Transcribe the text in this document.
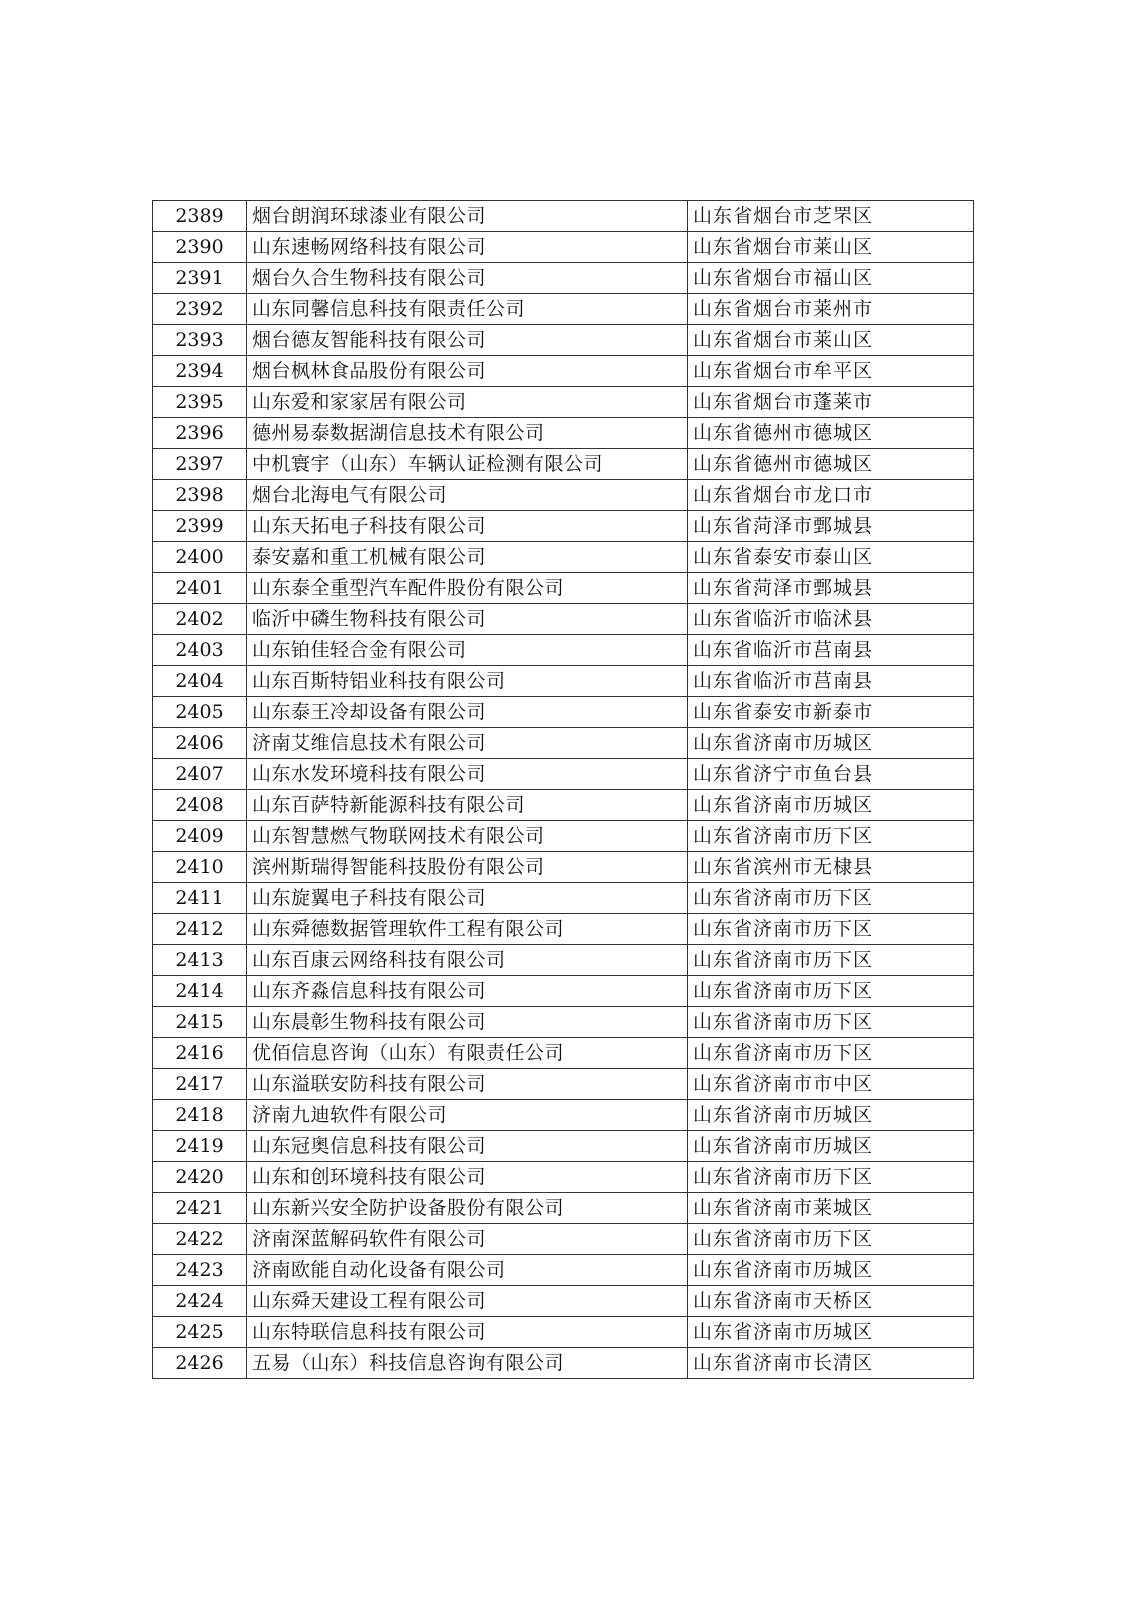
2389	烟台朗润环球漆业有限公司	山东省烟台市芝罘区
2390	山东速畅网络科技有限公司	山东省烟台市莱山区
2391	烟台久合生物科技有限公司	山东省烟台市福山区
2392	山东同馨信息科技有限责任公司	山东省烟台市莱州市
2393	烟台德友智能科技有限公司	山东省烟台市莱山区
2394	烟台枫林食品股份有限公司	山东省烟台市牟平区
2395	山东爱和家家居有限公司	山东省烟台市蓬莱市
2396	德州易泰数据湖信息技术有限公司	山东省德州市德城区
2397	中机寰宇（山东）车辆认证检测有限公司	山东省德州市德城区
2398	烟台北海电气有限公司	山东省烟台市龙口市
2399	山东天拓电子科技有限公司	山东省菏泽市鄄城县
2400	泰安嘉和重工机械有限公司	山东省泰安市泰山区
2401	山东泰全重型汽车配件股份有限公司	山东省菏泽市鄄城县
2402	临沂中磷生物科技有限公司	山东省临沂市临沭县
2403	山东铂佳轻合金有限公司	山东省临沂市莒南县
2404	山东百斯特铝业科技有限公司	山东省临沂市莒南县
2405	山东泰王冷却设备有限公司	山东省泰安市新泰市
2406	济南艾维信息技术有限公司	山东省济南市历城区
2407	山东水发环境科技有限公司	山东省济宁市鱼台县
2408	山东百萨特新能源科技有限公司	山东省济南市历城区
2409	山东智慧燃气物联网技术有限公司	山东省济南市历下区
2410	滨州斯瑞得智能科技股份有限公司	山东省滨州市无棣县
2411	山东旋翼电子科技有限公司	山东省济南市历下区
2412	山东舜德数据管理软件工程有限公司	山东省济南市历下区
2413	山东百康云网络科技有限公司	山东省济南市历下区
2414	山东齐淼信息科技有限公司	山东省济南市历下区
2415	山东晨彰生物科技有限公司	山东省济南市历下区
2416	优佰信息咨询（山东）有限责任公司	山东省济南市历下区
2417	山东溢联安防科技有限公司	山东省济南市市中区
2418	济南九迪软件有限公司	山东省济南市历城区
2419	山东冠奥信息科技有限公司	山东省济南市历城区
2420	山东和创环境科技有限公司	山东省济南市历下区
2421	山东新兴安全防护设备股份有限公司	山东省济南市莱城区
2422	济南深蓝解码软件有限公司	山东省济南市历下区
2423	济南欧能自动化设备有限公司	山东省济南市历城区
2424	山东舜天建设工程有限公司	山东省济南市天桥区
2425	山东特联信息科技有限公司	山东省济南市历城区
2426	五易（山东）科技信息咨询有限公司	山东省济南市长清区
